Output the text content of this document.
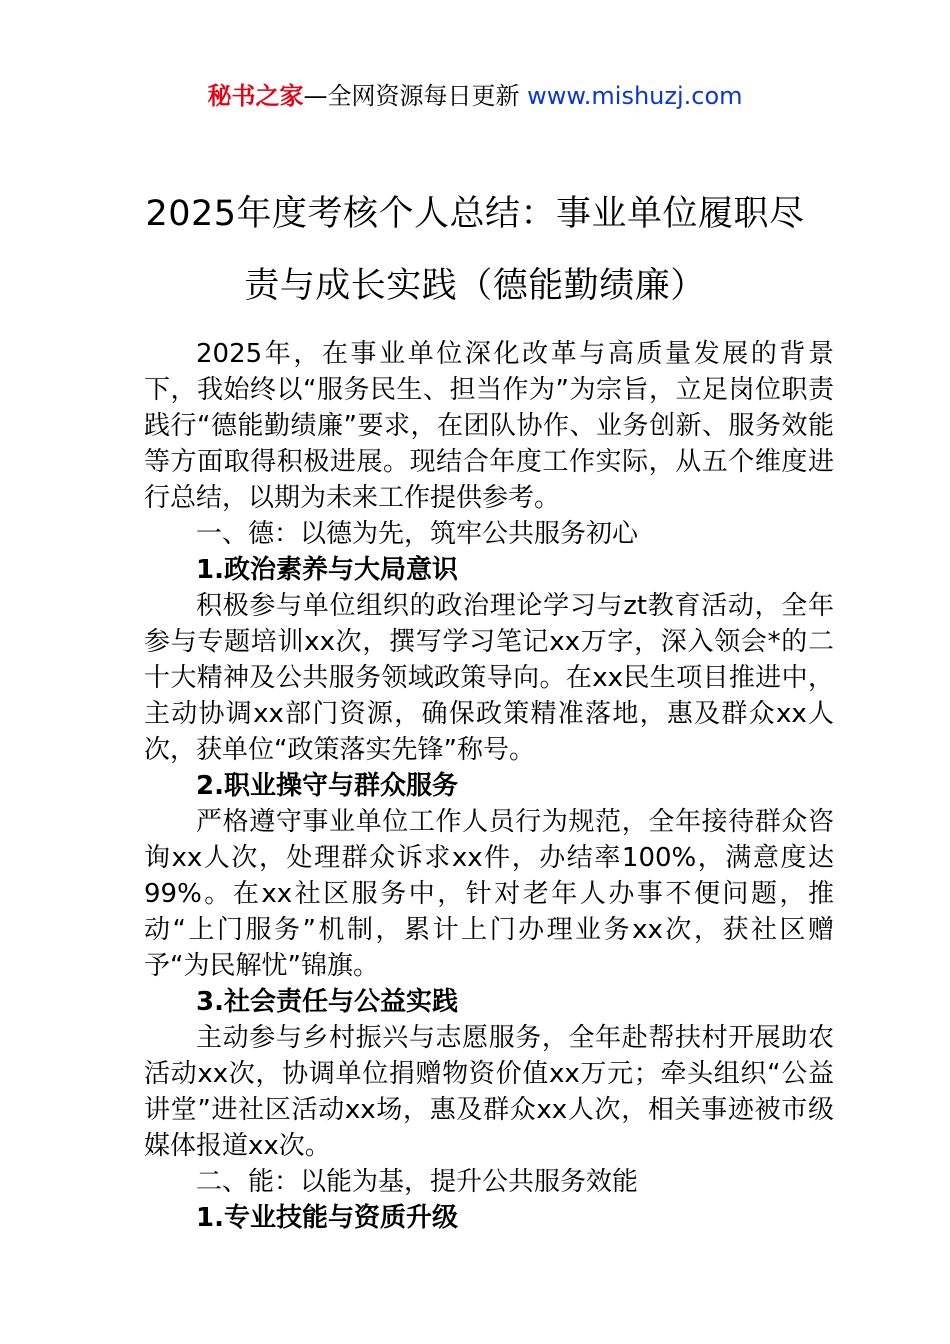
秘书之家—全网资源每日更新 www.mishuzj.com
2025年度考核个人总结：事业单位履职尽
责与成长实践（德能勤绩廉）

2025年，在事业单位深化改革与高质量发展的背景下，我始终以“服务民生、担当作为”为宗旨，立足岗位职责践行“德能勤绩廉”要求，在团队协作、业务创新、服务效能等方面取得积极进展。现结合年度工作实际，从五个维度进行总结，以期为未来工作提供参考。

一、德：以德为先，筑牢公共服务初心
1.政治素养与大局意识

积极参与单位组织的政治理论学习与zt教育活动，全年参与专题培训xx次，撰写学习笔记xx万字，深入领会*的二十大精神及公共服务领域政策导向。在xx民生项目推进中，主动协调xx部门资源，确保政策精准落地，惠及群众xx人次，获单位“政策落实先锋”称号。

2.职业操守与群众服务

严格遵守事业单位工作人员行为规范，全年接待群众咨询xx人次，处理群众诉求xx件，办结率100%，满意度达99%。在xx社区服务中，针对老年人办事不便问题，推动“上门服务”机制，累计上门办理业务xx次，获社区赠予“为民解忧”锦旗。

3.社会责任与公益实践

主动参与乡村振兴与志愿服务，全年赴帮扶村开展助农活动xx次，协调单位捐赠物资价值xx万元；牵头组织“公益讲堂”进社区活动xx场，惠及群众xx人次，相关事迹被市级媒体报道xx次。

二、能：以能为基，提升公共服务效能
1.专业技能与资质升级
